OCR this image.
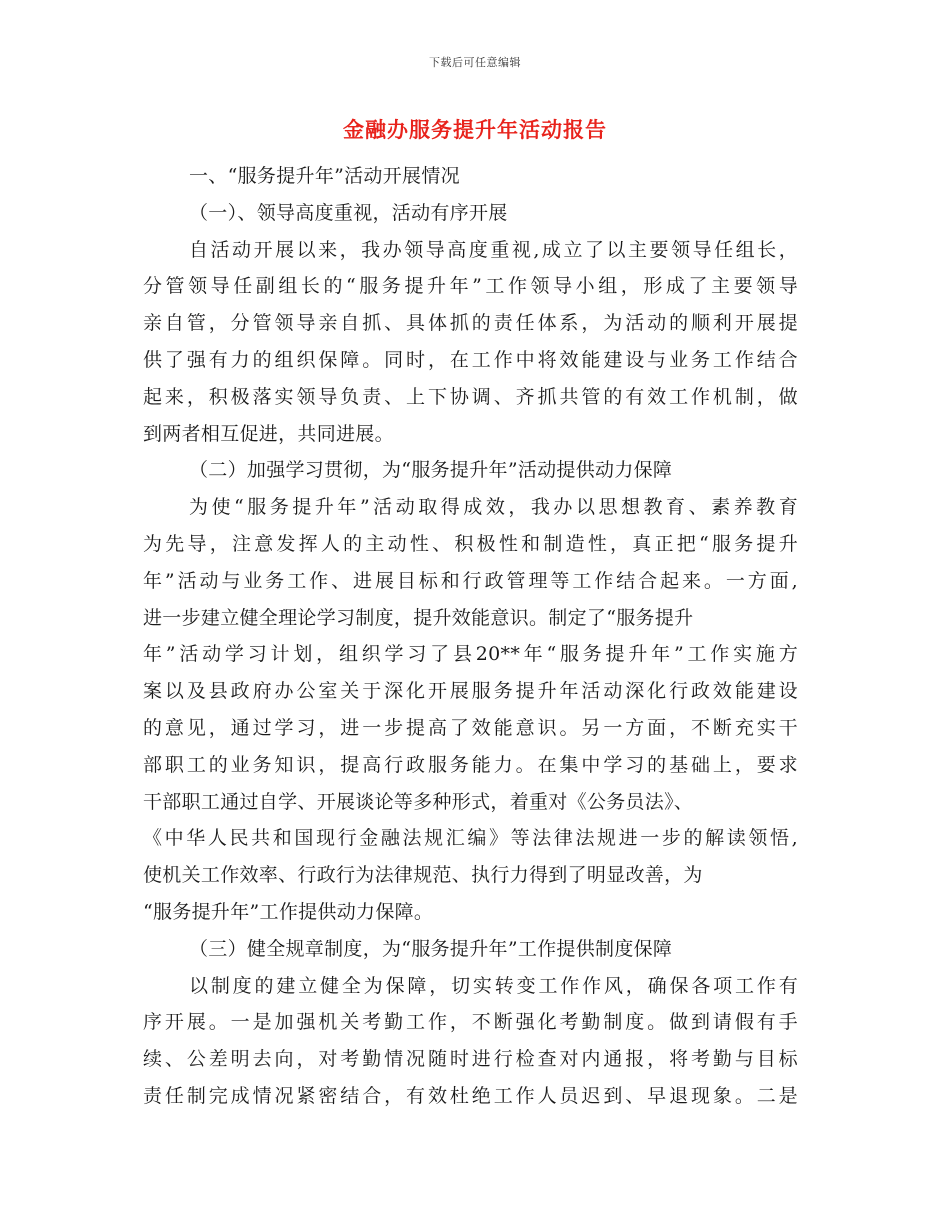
下载后可任意编辑
金融办服务提升年活动报告
一、“服务提升年”活动开展情况
（一）、领导高度重视，活动有序开展
自活动开展以来，我办领导高度重视,成立了以主要领导任组长，
分管领导任副组长的“服务提升年”工作领导小组，形成了主要领导
亲自管，分管领导亲自抓、具体抓的责任体系，为活动的顺利开展提
供了强有力的组织保障。同时，在工作中将效能建设与业务工作结合
起来，积极落实领导负责、上下协调、齐抓共管的有效工作机制，做
到两者相互促进，共同进展。
（二）加强学习贯彻，为“服务提升年”活动提供动力保障
为使“服务提升年”活动取得成效，我办以思想教育、素养教育
为先导，注意发挥人的主动性、积极性和制造性，真正把“服务提升
年”活动与业务工作、进展目标和行政管理等工作结合起来。一方面,
进一步建立健全理论学习制度，提升效能意识。制定了“服务提升
年”活动学习计划，组织学习了县20**年“服务提升年”工作实施方
案以及县政府办公室关于深化开展服务提升年活动深化行政效能建设
的意见，通过学习，进一步提高了效能意识。另一方面，不断充实干
部职工的业务知识，提高行政服务能力。在集中学习的基础上，要求
干部职工通过自学、开展谈论等多种形式，着重对《公务员法》、
《中华人民共和国现行金融法规汇编》等法律法规进一步的解读领悟,
使机关工作效率、行政行为法律规范、执行力得到了明显改善，为
“服务提升年”工作提供动力保障。
（三）健全规章制度，为“服务提升年”工作提供制度保障
以制度的建立健全为保障，切实转变工作作风，确保各项工作有
序开展。一是加强机关考勤工作，不断强化考勤制度。做到请假有手
续、公差明去向，对考勤情况随时进行检查对内通报，将考勤与目标
责任制完成情况紧密结合，有效杜绝工作人员迟到、早退现象。二是
